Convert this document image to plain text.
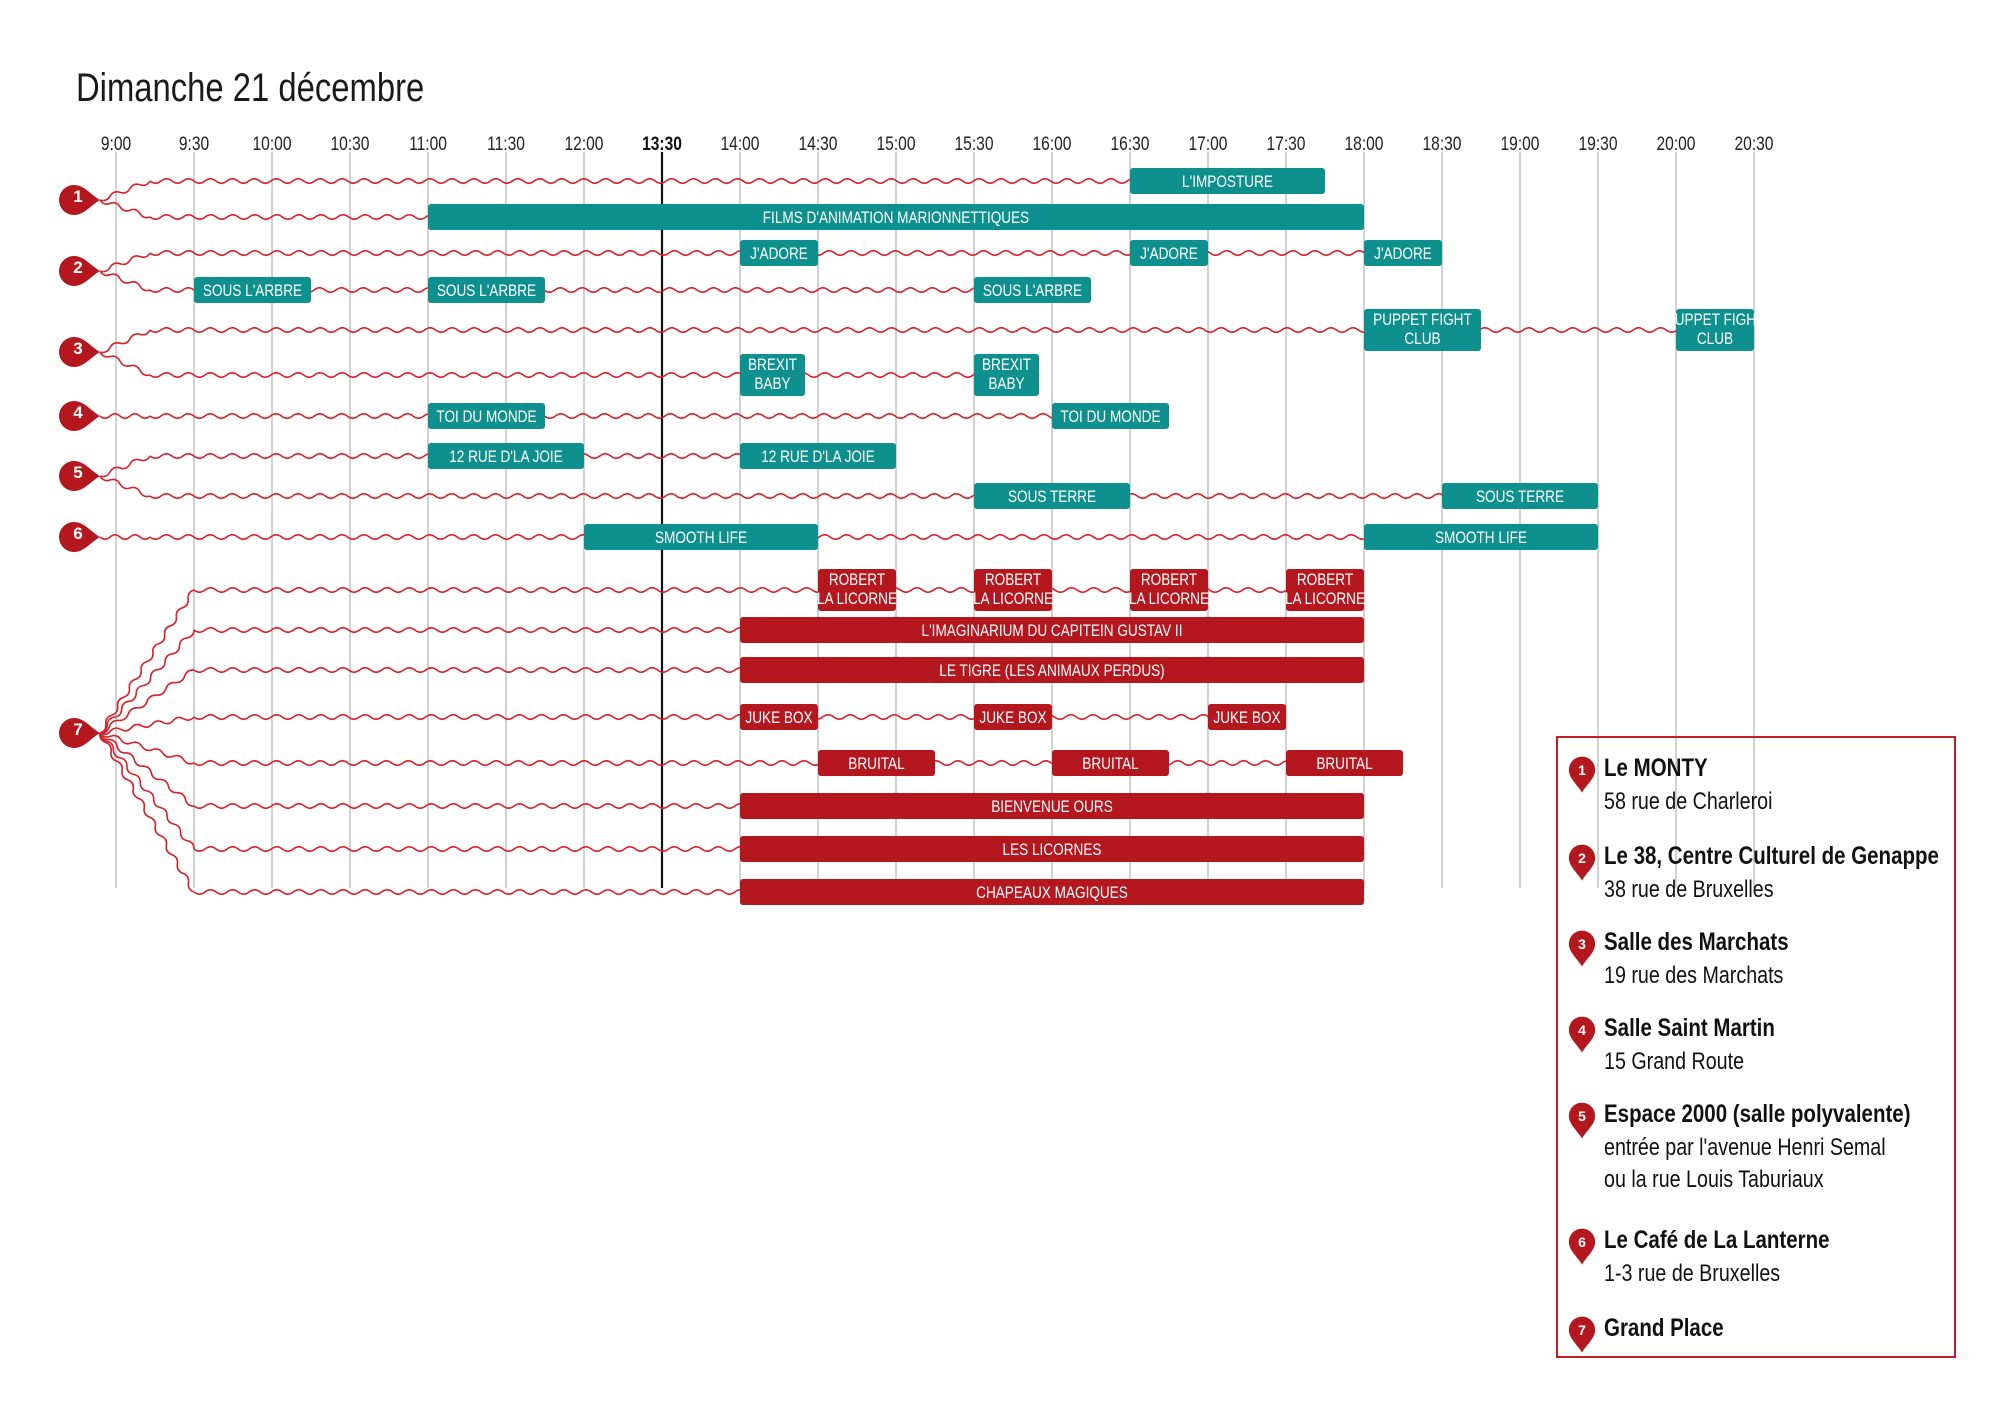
Dimanche 21 décembre
9:00	9:30 10:00 10:30 11:00 11:30 12:00 13:30 14:00 14:30 15:00 15:30 16:00 16:30 17:00 17:30 18:00 18:30 19:00 19:30 20:00 20:30
L'IMPOSTURE
FILMS D'ANIMATION MARIONNETTIQUES
J'ADORE	J'ADORE	J'ADORE
SOUS L'ARBRE	SOUS L'ARBRE	SOUS L'ARBRE
PUPPET FIGHT
CLUB
PUPPET FIGHT
CLUB
BREXIT
BABY
BREXIT
BABY
TOI DU MONDE	TOI DU MONDE
12 RUE D'LA JOIE	12 RUE D'LA JOIE
SOUS TERRE	SOUS TERRE
SMOOTH LIFE	SMOOTH LIFE
ROBERT
LA LICORNE
ROBERT
LA LICORNE
ROBERT
LA LICORNE
ROBERT
LA LICORNE
L'IMAGINARIUM DU CAPITEIN GUSTAV II
LE TIGRE (LES ANIMAUX PERDUS)
JUKE BOX	JUKE BOX	JUKE BOX
BRUITAL	BRUITAL	BRUITAL
BIENVENUE OURS
LES LICORNES
CHAPEAUX MAGIQUES
1
2
3
4
5
6
7
1 Le MONTY
58 rue de Charleroi
2 Le 38, Centre Culturel de Genappe
38 rue de Bruxelles
3 Salle des Marchats
19 rue des Marchats
4 Salle Saint Martin
15 Grand Route
5 Espace 2000 (salle polyvalente)
entrée par l'avenue Henri Semal
ou la rue Louis Taburiaux
6 Le Café de La Lanterne
1-3 rue de Bruxelles
7 Grand Place
